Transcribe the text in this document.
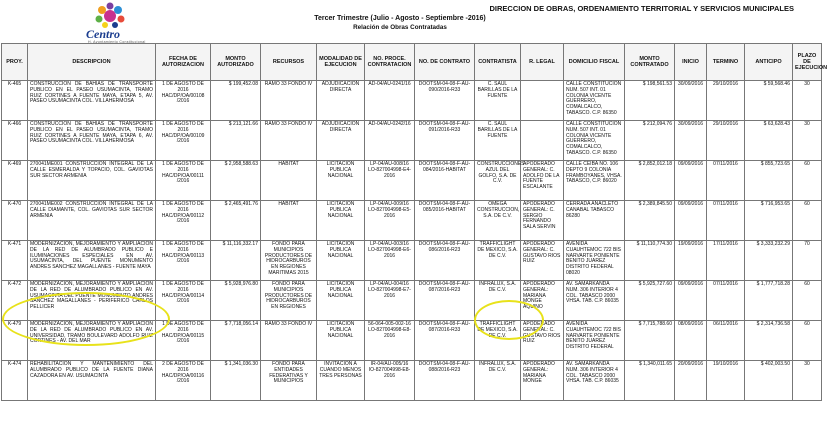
Centro
H. Ayuntamiento Constitucional
DIRECCION DE OBRAS, ORDENAMIENTO TERRITORIAL Y SERVICIOS MUNICIPALES
Tercer Trimestre (Julio - Agosto - Septiembre -2016)
Relación de Obras Contratadas
PROY.	DESCRIPCION	FECHA DE AUTORIZACION	MONTO AUTORIZADO	RECURSOS	MODALIDAD DE EJECUCION	NO. PROCE. CONTRATACION	NO. DE CONTRATO	CONTRATISTA	R. LEGAL	DOMICILIO FISCAL	MONTO CONTRATADO	INICIO	TERMINO	ANTICIPO	PLAZO DE EJECUCION
K-465	CONSTRUCCION DE BAHIAS DE TRANSPORTE PUBLICO EN EL PASEO USUMACINTA, TRAMO RUIZ CORTINES A FUENTE MAYA, ETAPA 5, AV. PASEO USUMACINTA COL. VILLAHERMOSA	1 DE AGOSTO DE 2016 HAC/DP/OA/00108 /2016	$ 199,452.08	RAMO 33 FONDO IV	ADJUDICACION DIRECTA	AD-04/AU-0241/16	DOOTSM-04-08-F-AU-090/2016-R33	C. SAUL BARILLAS DE LA FUENTE		CALLE CONSTITUCION NUM. 507 INT. 01 COLONIA VICENTE GUERRERO, COMALCALCO, TABASCO. C.P. 86350	$ 198,561.53	30/09/2016	29/10/2016	$ 59,568.46	30
K-466	CONSTRUCCION DE BAHIAS DE TRANSPORTE PUBLICO EN EL PASEO USUMACINTA, TRAMO RUIZ CORTINES A FUENTE MAYA, ETAPA 6, AV. PASEO USUMACINTA COL. VILLAHERMOSA	1 DE AGOSTO DE 2016 HAC/DP/OA/00109 /2016	$ 213,121.66	RAMO 33 FONDO IV	ADJUDICACION DIRECTA	AD-04/AU-0242/16	DOOTSM-04-08-F-AU-091/2016-R33	C. SAUL BARILLAS DE LA FUENTE		CALLE CONSTITUCION NUM. 507 INT. 01 COLONIA VICENTE GUERRERO, COMALCALCO, TABASCO. C.P. 86350	$ 212,094.76	30/09/2016	29/10/2016	$ 63,628.43	30
K-469	270041ME001 CONSTRUCCION INTEGRAL DE LA CALLE ESMERALDA Y TOPACIO, COL. GAVIOTAS SUR SECTOR ARMENIA	1 DE AGOSTO DE 2016 HAC/DP/OA/00111 /2016	$ 2,958,588.63	HABITAT	LICITACION PUBLICA NACIONAL	LP-04/AU-008/16 LO-827004998-E4-2016	DOOTSM-04-08-F-AU-084/2016-HABITAT	CONSTRUCCIONES AZUL DEL GOLFO, S.A. DE C.V.	APODERADO GENERAL: C. ADOLFO DE LA FUENTE ESCALANTE	CALLE CEIBA NO. 106 DEPTO 9 COLONIA FRAMBOYANES, VHSA. TABASCO, C.P. 86020	$ 2,852,012.18	09/09/2016	07/11/2016	$ 855,723.65	60
K-470	270041ME002 CONSTRUCCION INTEGRAL DE LA CALLE DIAMANTE, COL. GAVIOTAS SUR SECTOR ARMENIA	1 DE AGOSTO DE 2016 HAC/DP/OA/00112 /2016	$ 2,465,491.76	HABITAT	LICITACION PUBLICA NACIONAL	LP-04/AU-009/16 LO-827004998-E5-2016	DOOTSM-04-08-F-AU-085/2016-HABITAT	OMEGA CONSTRUCCION, S.A. DE C.V.	APODERADO GENERAL: C. SERGIO FERNANDO SALA SERVIN	CERRADA ANACLETO CANABAL TABASCO 86280	$ 2,389,845.50	09/09/2016	07/11/2016	$ 716,953.65	60
K-471	MODERNIZACION, MEJORAMIENTO Y AMPLIACION DE LA RED DE ALUMBRADO PUBLICO E ILUMINACIONES ESPECIALES EN AV. USUMACINTA, DEL PUENTE MONUMENTO ANDRES SANCHEZ MAGALLANES - FUENTE MAYA	1 DE AGOSTO DE 2016 HAC/DP/OA/00113 /2016	$ 11,116,332.17	FONDO PARA MUNICIPIOS PRODUCTORES DE HIDROCARBUROS EN REGIONES MARITIMAS 2015	LICITACION PUBLICA NACIONAL	LP-04/AU-003/16 LO-827004998-E6-2016	DOOTSM-04-08-F-AU-086/2016-R23	TRAFFICLIGHT DE MEXICO, S.A. DE C.V.	APODERADO GENERAL: C. GUSTAVO RIOS RUIZ	AVENIDA CUAUHTEMOC 722 BIS NARVARTE PONIENTE BENITO JUAREZ DISTRITO FEDERAL 08020	$ 11,110,774.30	19/09/2016	17/11/2016	$ 3,333,232.29	70
K-472	MODERNIZACION, MEJORAMIENTO Y AMPLIACION DE LA RED DE ALUMBRADO PUBLICO EN AV. USUMACINTA DEL PUENTE MONUMENTO ANDRES SANCHEZ MAGALLANES - PERIFERICO CARLOS PELLICER	1 DE AGOSTO DE 2016 HAC/DP/OA/00114 /2016	$ 5,928,976.80	FONDO PARA MUNICIPIOS PRODUCTORES DE HIDROCARBUROS EN REGIONES	LICITACION PUBLICA NACIONAL	LP-04/AU-004/16 LO-827004998-E7-2016	DOOTSM-04-08-F-AU-087/2016-R23	INFRALUX, S.A. DE C.V.	APODERADO GENERAL: MARIANA MONGE AQUINO	AV. SAMARKANDA NUM. 306 INTERIOR 4 COL. TABASCO 2000 VHSA. TAB. C.P. 86035	$ 5,925,727.60	09/09/2016	07/11/2016	$ 1,777,718.28	60
K-479	MODERNIZACION, MEJORAMIENTO Y AMPLIACION DE LA RED DE ALUMBRADO PUBLICO EN AV. UNIVERSIDAD, TRAMO BOULEVARD ADOLFO RUIZ CORTINES - AV. DEL MAR	1 DE AGOSTO DE 2016 HAC/DP/OA/00115 /2016	$ 7,718,056.14	RAMO 33 FONDO IV	LICITACION PUBLICA NACIONAL	56-064-005-002-16 LO-827004998-E8-2016	DOOTSM-04-08-F-AU-087/2016-R33	TRAFFICLIGHT DE MEXICO, S.A. DE C.V.	APODERADO GENERAL: C. GUSTAVO RIOS RUIZ	AVENIDA CUAUHTEMOC 722 BIS NARVARTE PONIENTE BENITO JUAREZ DISTRITO FEDERAL	$ 7,715,788.60	08/09/2016	06/11/2016	$ 2,314,736.58	60
K-474	REHABILITACION Y MANTENIMIENTO DEL ALUMBRADO PUBLICO DE LA FUENTE DIANA CAZADORA EN AV. USUMACINTA	2 DE AGOSTO DE 2016 HAC/DP/OA/00116 /2016	$ 1,341,036.30	FONDO PARA ENTIDADES FEDERATIVAS Y MUNICIPIOS	INVITACION A CUANDO MENOS TRES PERSONAS	IR-04/AU-005/16 IO-827004998-E8-2016	DOOTSM-04-08-F-AU-088/2016-R23	INFRALUX, S.A. DE C.V.	APODERADO GENERAL: MARIANA MONGE	AV. SAMARKANDA NUM. 306 INTERIOR 4 COL. TABASCO 2000 VHSA. TAB. C.P. 86035	$ 1,340,011.65	20/09/2016	19/10/2016	$ 402,003.50	30
